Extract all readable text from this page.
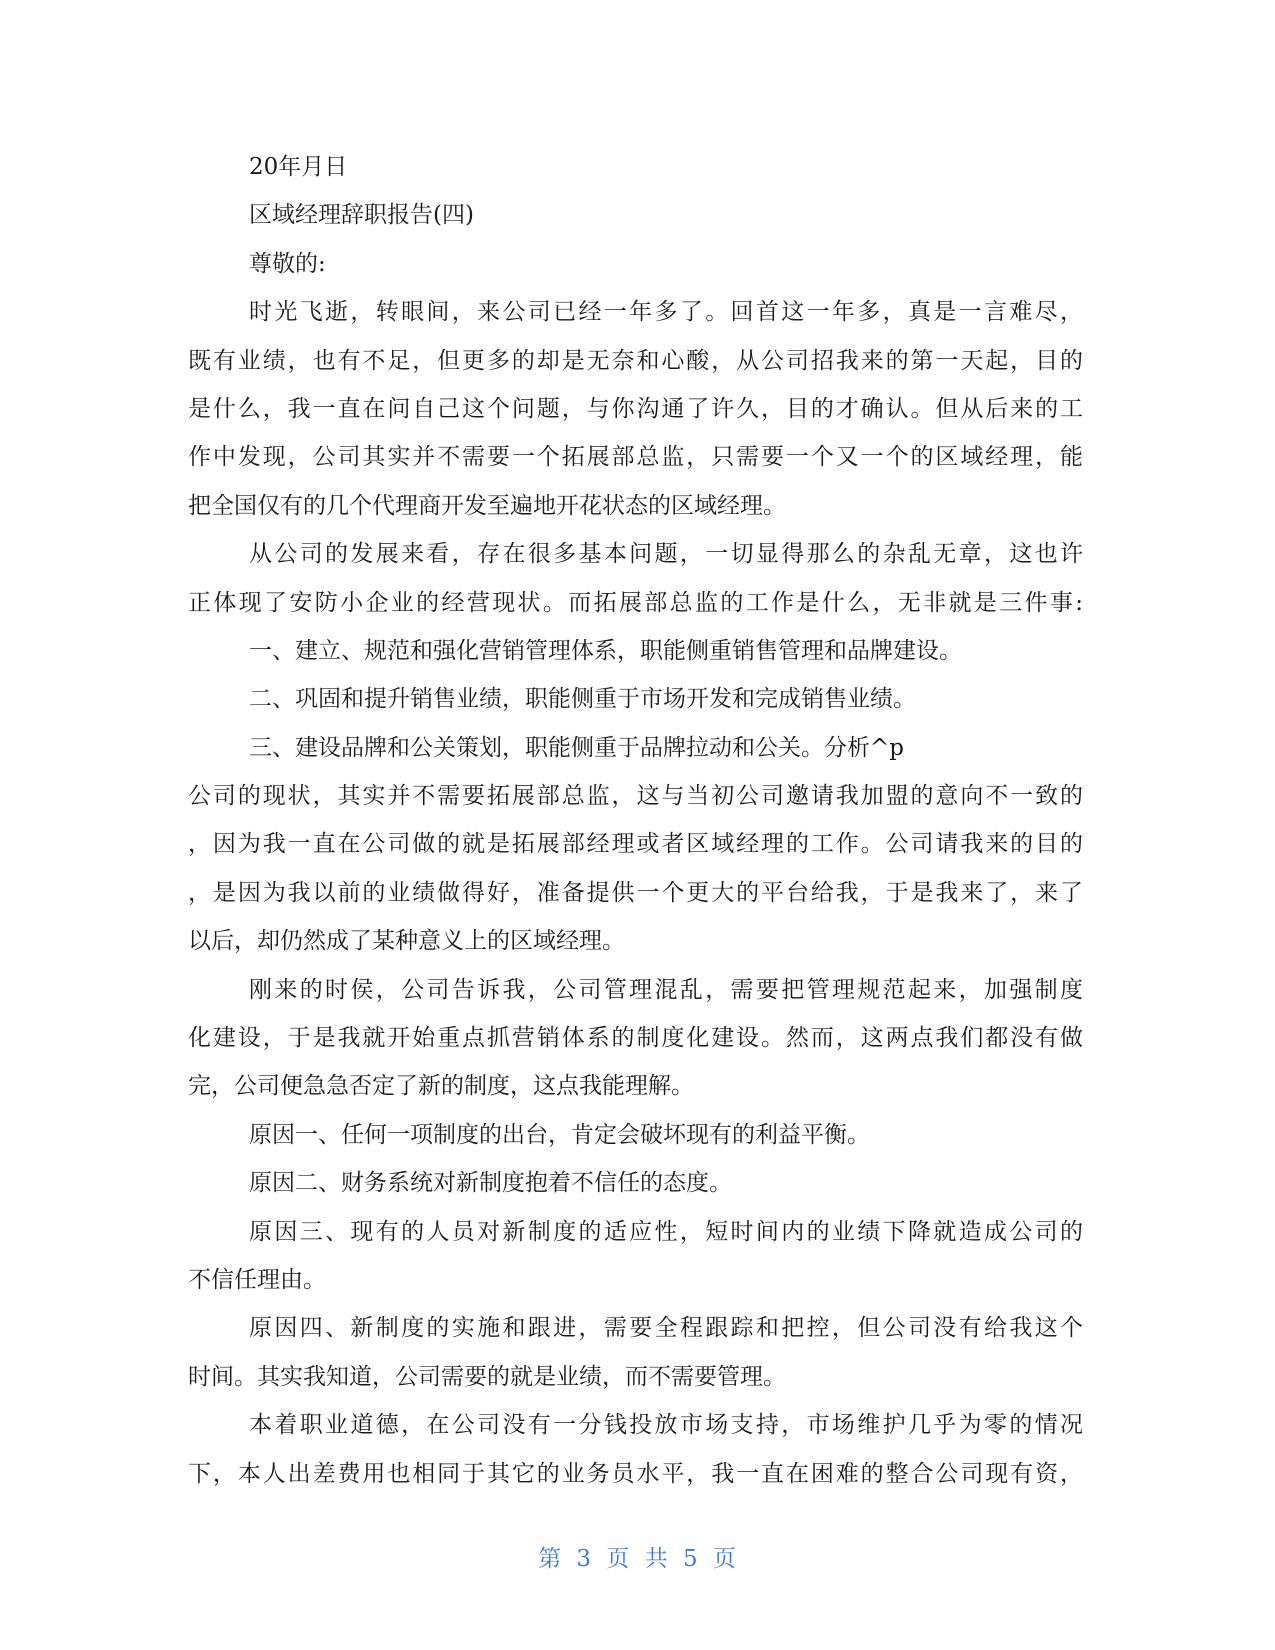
20年月日
区域经理辞职报告(四)
尊敬的:
时光飞逝，转眼间，来公司已经一年多了。回首这一年多，真是一言难尽，
既有业绩，也有不足，但更多的却是无奈和心酸，从公司招我来的第一天起，目的
是什么，我一直在问自己这个问题，与你沟通了许久，目的才确认。但从后来的工
作中发现，公司其实并不需要一个拓展部总监，只需要一个又一个的区域经理，能
把全国仅有的几个代理商开发至遍地开花状态的区域经理。
从公司的发展来看，存在很多基本问题，一切显得那么的杂乱无章，这也许
正体现了安防小企业的经营现状。而拓展部总监的工作是什么，无非就是三件事:
一、建立、规范和强化营销管理体系，职能侧重销售管理和品牌建设。
二、巩固和提升销售业绩，职能侧重于市场开发和完成销售业绩。
三、建设品牌和公关策划，职能侧重于品牌拉动和公关。分析^p
公司的现状，其实并不需要拓展部总监，这与当初公司邀请我加盟的意向不一致的
，因为我一直在公司做的就是拓展部经理或者区域经理的工作。公司请我来的目的
，是因为我以前的业绩做得好，准备提供一个更大的平台给我，于是我来了，来了
以后，却仍然成了某种意义上的区域经理。
刚来的时侯，公司告诉我，公司管理混乱，需要把管理规范起来，加强制度
化建设，于是我就开始重点抓营销体系的制度化建设。然而，这两点我们都没有做
完，公司便急急否定了新的制度，这点我能理解。
原因一、任何一项制度的出台，肯定会破坏现有的利益平衡。
原因二、财务系统对新制度抱着不信任的态度。
原因三、现有的人员对新制度的适应性，短时间内的业绩下降就造成公司的
不信任理由。
原因四、新制度的实施和跟进，需要全程跟踪和把控，但公司没有给我这个
时间。其实我知道，公司需要的就是业绩，而不需要管理。
本着职业道德，在公司没有一分钱投放市场支持，市场维护几乎为零的情况
下，本人出差费用也相同于其它的业务员水平，我一直在困难的整合公司现有资，
第 3 页 共 5 页
